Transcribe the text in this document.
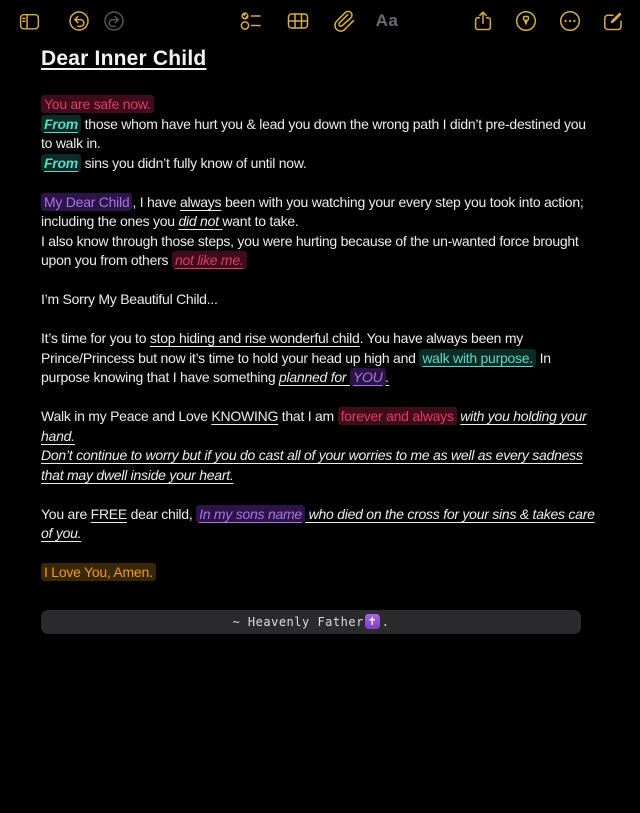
Aa
Dear Inner Child

You are safe now.
From those whom have hurt you & lead you down the wrong path I didn’t pre-destined you to walk in.
From sins you didn’t fully know of until now.

My Dear Child , I have always been with you watching your every step you took into action; including the ones you did not want to take.
I also know through those steps, you were hurting because of the un-wanted force brought upon you from others not like me.

I’m Sorry My Beautiful Child...

It’s time for you to stop hiding and rise wonderful child. You have always been my Prince/Princess but now it’s time to hold your head up high and walk with purpose. In purpose knowing that I have something planned for YOU .

Walk in my Peace and Love KNOWING that I am forever and always with you holding your hand.
Don’t continue to worry but if you do cast all of your worries to me as well as every sadness that may dwell inside your heart.

You are FREE dear child, In my sons name who died on the cross for your sins & takes care of you.

I Love You, Amen.

~ Heavenly Father ✝ .
